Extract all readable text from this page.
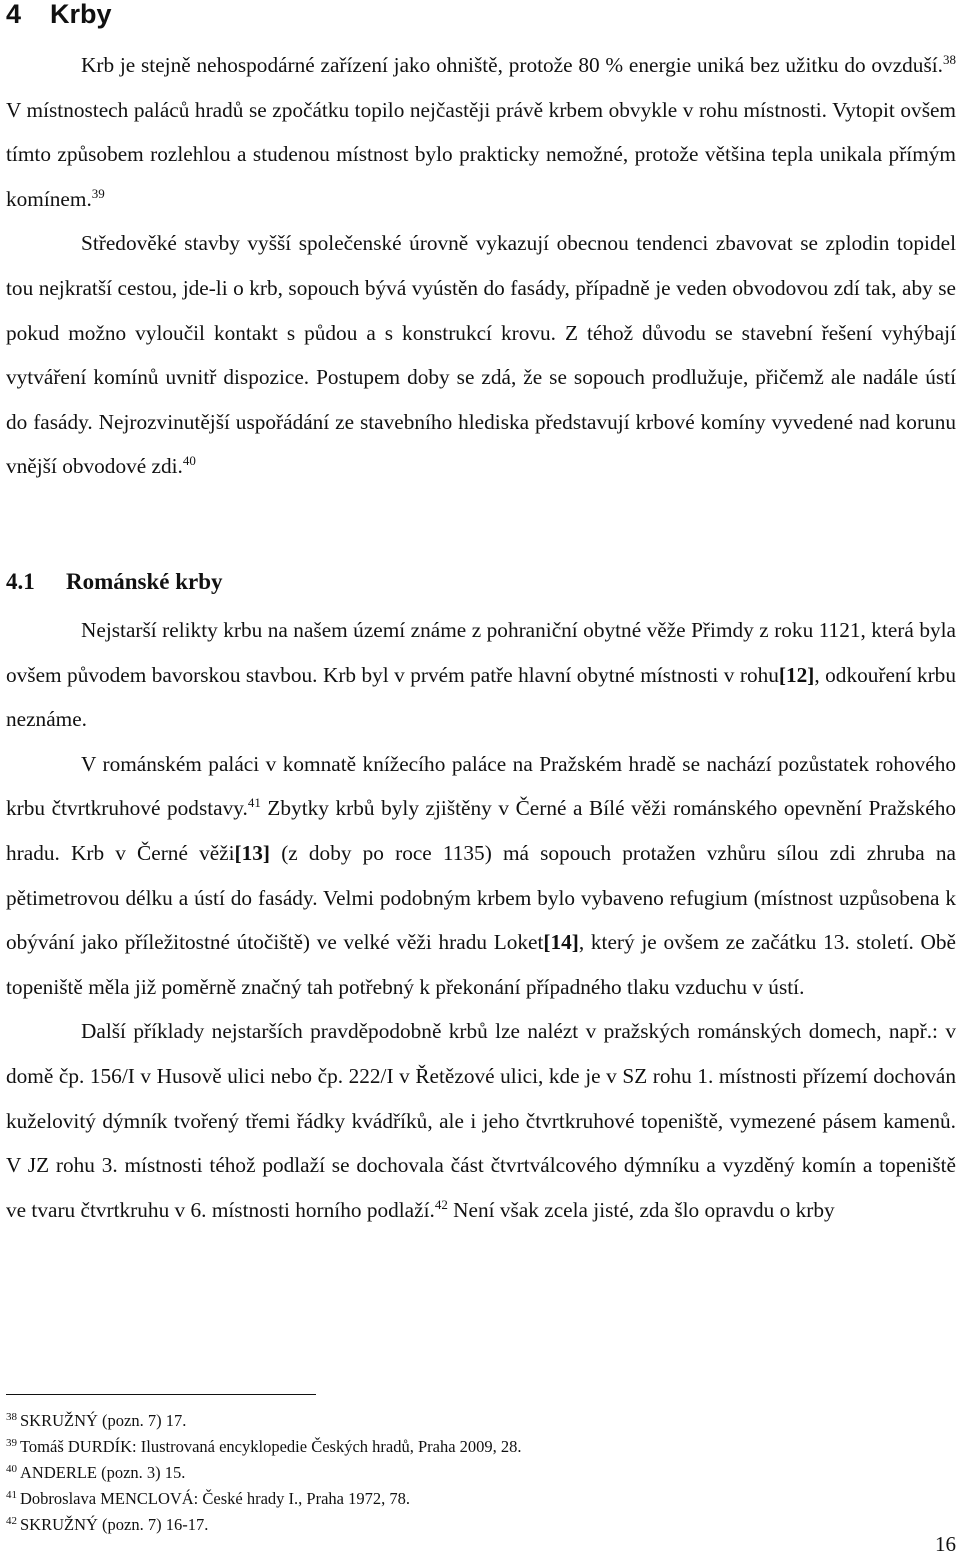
4 Krby

Krb je stejně nehospodárné zařízení jako ohniště, protože 80 % energie uniká bez užitku do ovzduší.$^{38}$ V místnostech paláců hradů se zpočátku topilo nejčastěji právě krbem obvykle v rohu místnosti. Vytopit ovšem tímto způsobem rozlehlou a studenou místnost bylo prakticky nemožné, protože většina tepla unikala přímým komínem.$^{39}$

Středověké stavby vyšší společenské úrovně vykazují obecnou tendenci zbavovat se zplodin topidel tou nejkratší cestou, jde-li o krb, sopouch bývá vyústěn do fasády, případně je veden obvodovou zdí tak, aby se pokud možno vyloučil kontakt s půdou a s konstrukcí krovu. Z téhož důvodu se stavební řešení vyhýbají vytváření komínů uvnitř dispozice. Postupem doby se zdá, že se sopouch prodlužuje, přičemž ale nadále ústí do fasády. Nejrozvinutější uspořádání ze stavebního hlediska představují krbové komíny vyvedené nad korunu vnější obvodové zdi.$^{40}$

4.1 Románské krby

Nejstarší relikty krbu na našem území známe z pohraniční obytné věže Přimdy z roku 1121, která byla ovšem původem bavorskou stavbou. Krb byl v prvém patře hlavní obytné místnosti v rohu[12], odkouření krbu neznáme.

V románském paláci v komnatě knížecího paláce na Pražském hradě se nachází pozůstatek rohového krbu čtvrtkruhové podstavy.$^{41}$ Zbytky krbů byly zjištěny v Černé a Bílé věži románského opevnění Pražského hradu. Krb v Černé věži[13] (z doby po roce 1135) má sopouch protažen vzhůru sílou zdi zhruba na pětimetrovou délku a ústí do fasády. Velmi podobným krbem bylo vybaveno refugium (místnost uzpůsobena k obývání jako příležitostné útočiště) ve velké věži hradu Loket[14], který je ovšem ze začátku 13. století. Obě topeniště měla již poměrně značný tah potřebný k překonání případného tlaku vzduchu v ústí.

Další příklady nejstarších pravděpodobně krbů lze nalézt v pražských románských domech, např.: v domě čp. 156/I v Husově ulici nebo čp. 222/I v Řetězové ulici, kde je v SZ rohu 1. místnosti přízemí dochován kuželovitý dýmník tvořený třemi řádky kvádříků, ale i jeho čtvrtkruhové topeniště, vymezené pásem kamenů. V JZ rohu 3. místnosti téhož podlaží se dochovala část čtvrtválcového dýmníku a vyzděný komín a topeniště ve tvaru čtvrtkruhu v 6. místnosti horního podlaží.$^{42}$ Není však zcela jisté, zda šlo opravdu o krby

$^{38}$ SKRUŽNÝ (pozn. 7) 17.
$^{39}$ Tomáš DURDÍK: Ilustrovaná encyklopedie Českých hradů, Praha 2009, 28.
$^{40}$ ANDERLE (pozn. 3) 15.
$^{41}$ Dobroslava MENCLOVÁ: České hrady I., Praha 1972, 78.
$^{42}$ SKRUŽNÝ (pozn. 7) 16-17.
16
